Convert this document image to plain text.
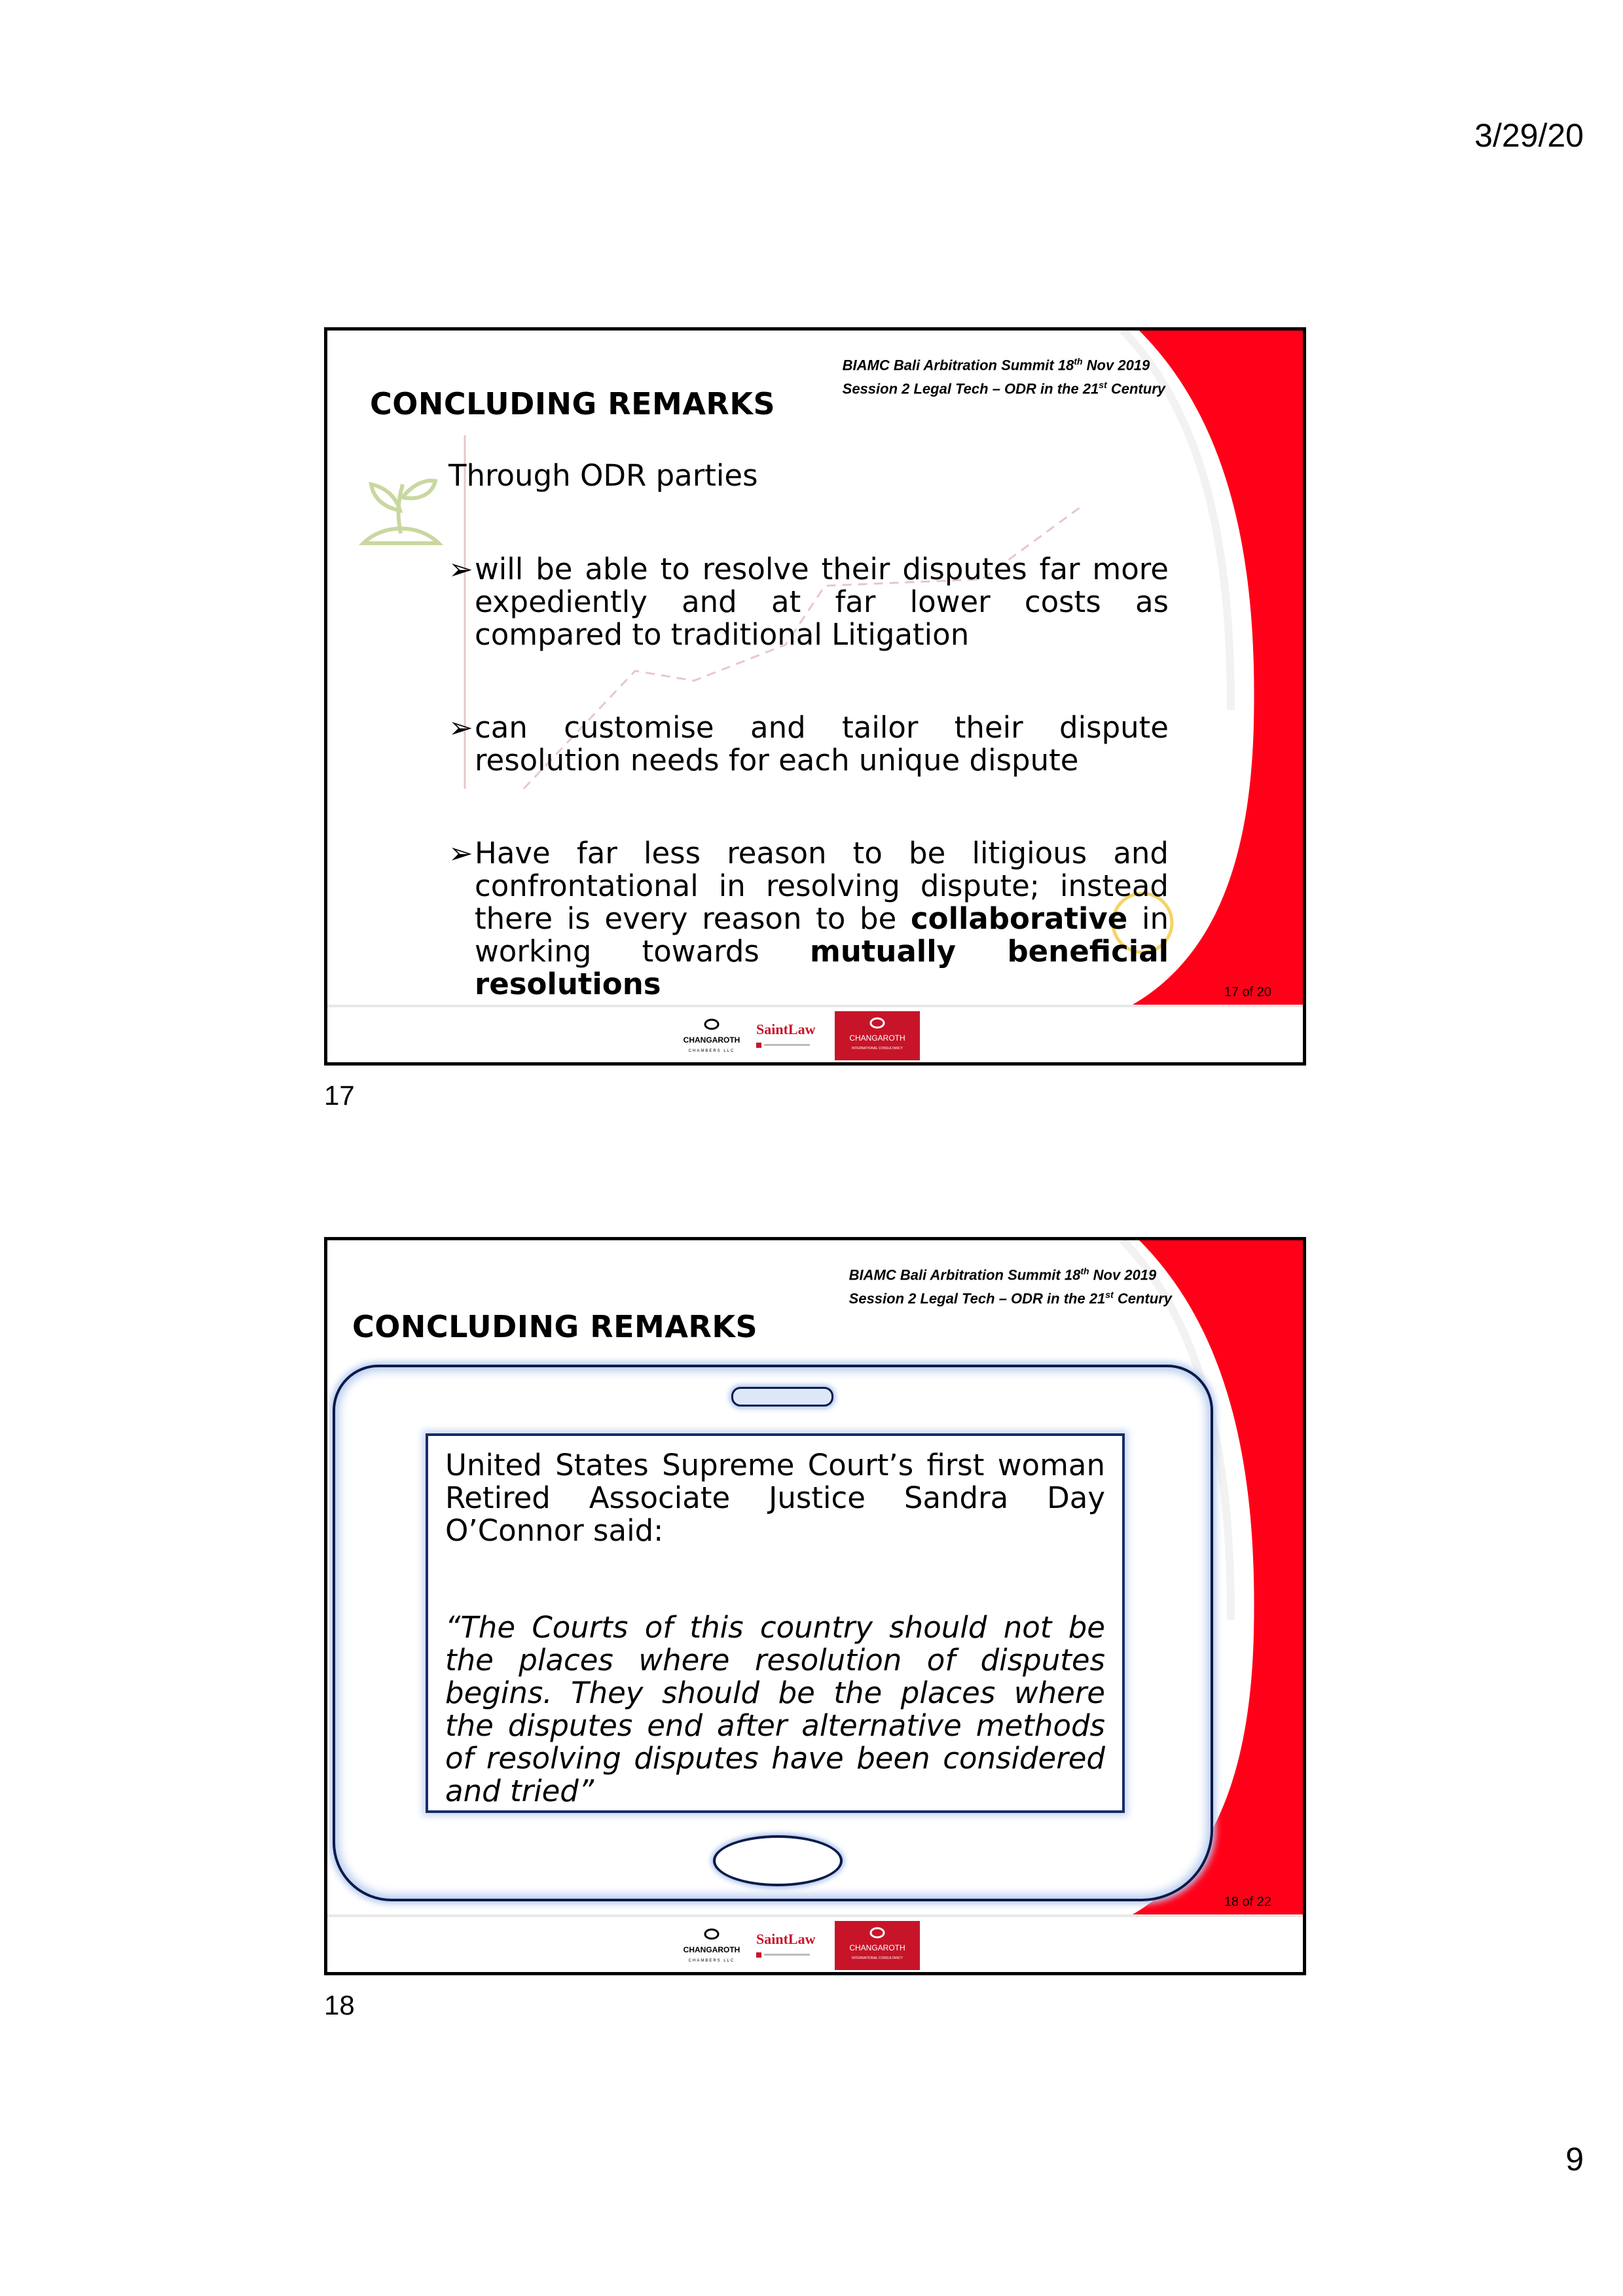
3/29/20
BIAMC Bali Arbitration Summit 18th Nov 2019
Session 2 Legal Tech – ODR in the 21st Century
CONCLUDING REMARKS
Through ODR parties
➢ will be able to resolve their disputes far more expediently and at far lower costs as compared to traditional Litigation
➢ can customise and tailor their dispute resolution needs for each unique dispute
➢ Have far less reason to be litigious and confrontational in resolving dispute; instead there is every reason to be collaborative in working towards mutually beneficial resolutions	17 of 20
CHANGAROTH
CHAMBERS LLC
SaintLaw
CHANGAROTH
INTERNATIONAL CONSULTANCY
17
BIAMC Bali Arbitration Summit 18th Nov 2019
Session 2 Legal Tech – ODR in the 21st Century
CONCLUDING REMARKS
United States Supreme Court’s first woman Retired Associate Justice Sandra Day O’Connor said:
“The Courts of this country should not be the places where resolution of disputes begins. They should be the places where the disputes end after alternative methods of resolving disputes have been considered and tried”
18 of 22
CHANGAROTH
CHAMBERS LLC
SaintLaw
CHANGAROTH
INTERNATIONAL CONSULTANCY
18
9
